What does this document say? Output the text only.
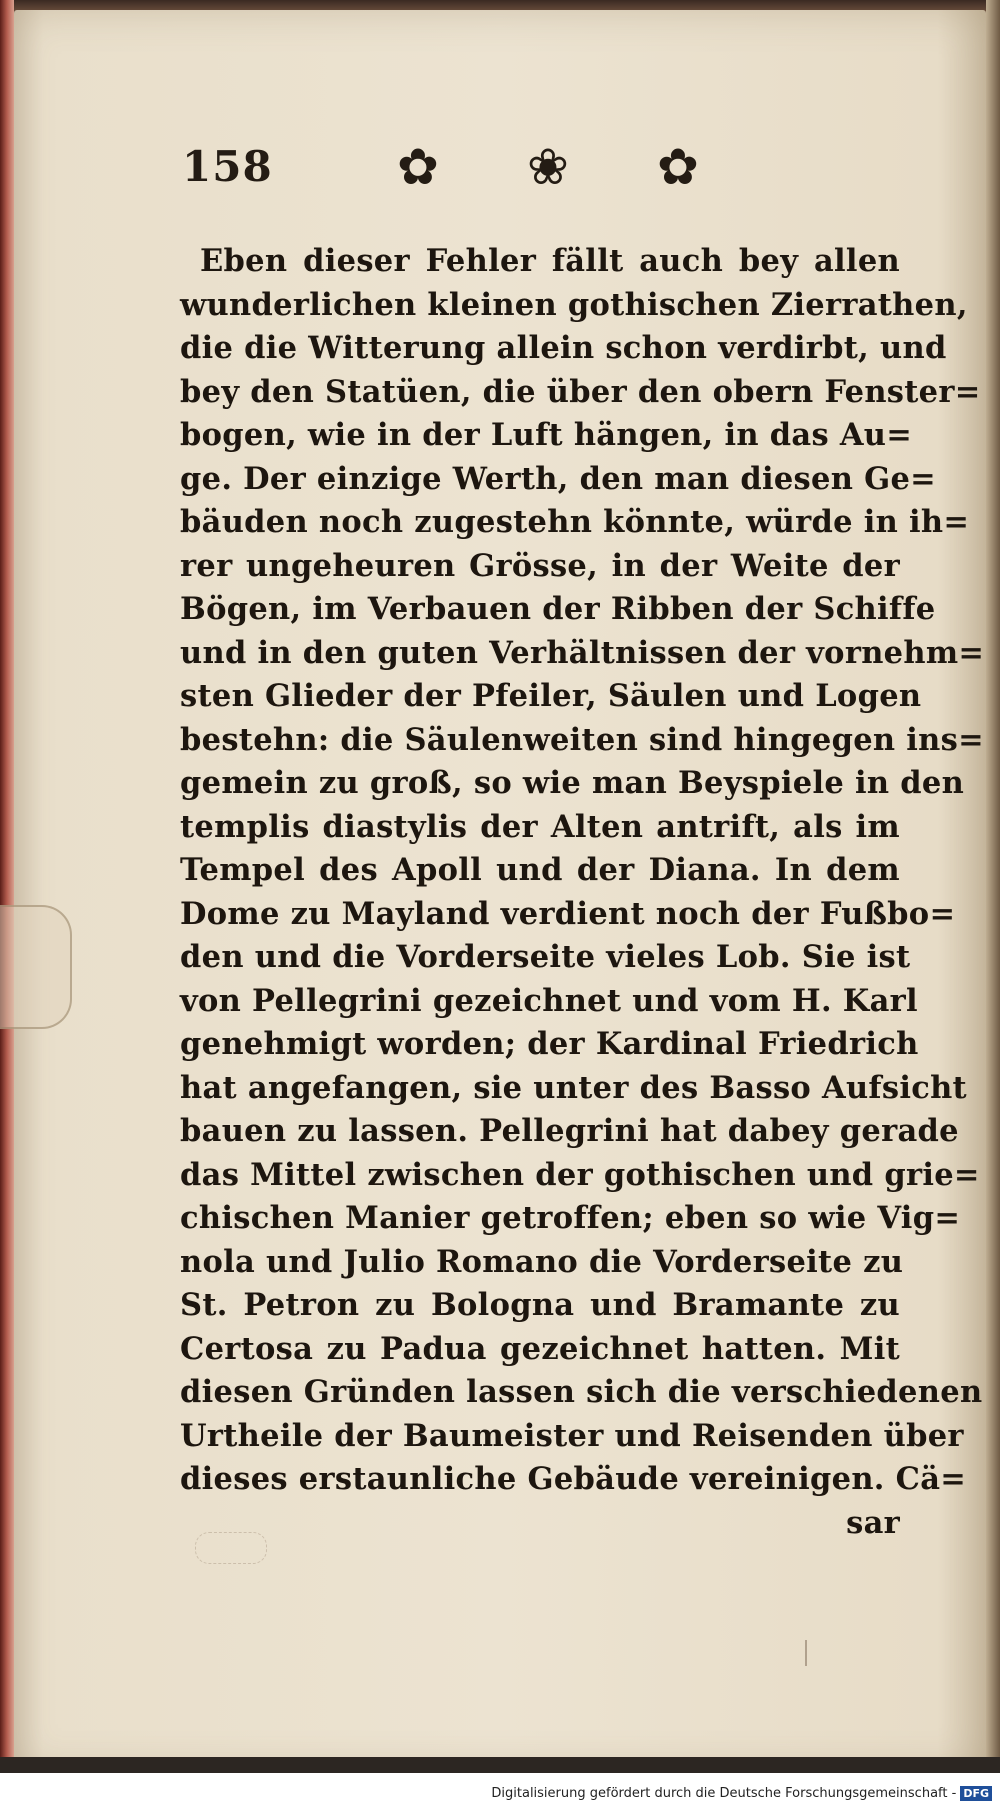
158 ✿ ❀ ✿
Eben dieser Fehler fällt auch bey allen
wunderlichen kleinen gothischen Zierrathen,
die die Witterung allein schon verdirbt, und
bey den Statüen, die über den obern Fenster=
bogen, wie in der Luft hängen, in das Au=
ge. Der einzige Werth, den man diesen Ge=
bäuden noch zugestehn könnte, würde in ih=
rer ungeheuren Grösse, in der Weite der
Bögen, im Verbauen der Ribben der Schiffe
und in den guten Verhältnissen der vornehm=
sten Glieder der Pfeiler, Säulen und Logen
bestehn: die Säulenweiten sind hingegen ins=
gemein zu groß, so wie man Beyspiele in den
templis diastylis der Alten antrift, als im
Tempel des Apoll und der Diana. In dem
Dome zu Mayland verdient noch der Fußbo=
den und die Vorderseite vieles Lob. Sie ist
von Pellegrini gezeichnet und vom H. Karl
genehmigt worden; der Kardinal Friedrich
hat angefangen, sie unter des Basso Aufsicht
bauen zu lassen. Pellegrini hat dabey gerade
das Mittel zwischen der gothischen und grie=
chischen Manier getroffen; eben so wie Vig=
nola und Julio Romano die Vorderseite zu
St. Petron zu Bologna und Bramante zu
Certosa zu Padua gezeichnet hatten. Mit
diesen Gründen lassen sich die verschiedenen
Urtheile der Baumeister und Reisenden über
dieses erstaunliche Gebäude vereinigen. Cä=
sar
Digitalisierung gefördert durch die Deutsche Forschungsgemeinschaft - DFG
